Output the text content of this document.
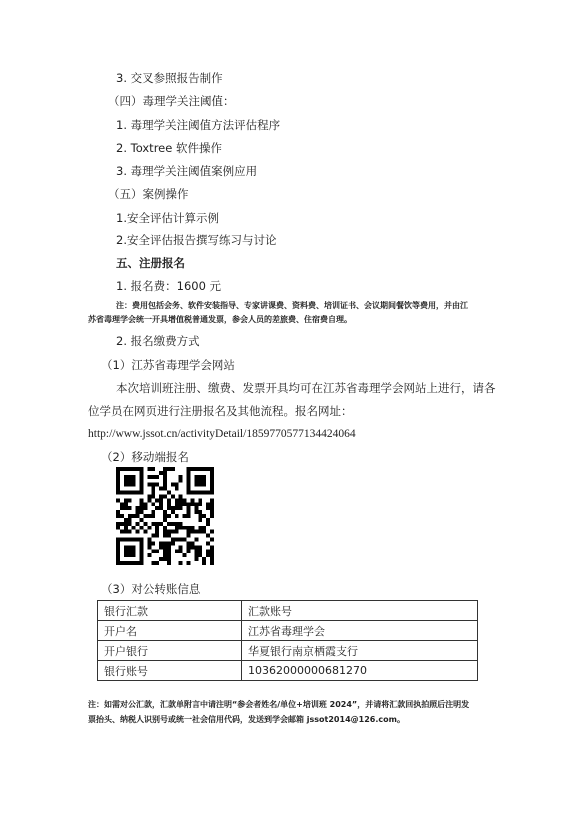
3. 交叉参照报告制作
（四）毒理学关注阈值：
1. 毒理学关注阈值方法评估程序
2. Toxtree 软件操作
3. 毒理学关注阈值案例应用
（五）案例操作
1.安全评估计算示例
2.安全评估报告撰写练习与讨论
五、注册报名
1. 报名费：1600 元
注：费用包括会务、软件安装指导、专家讲课费、资料费、培训证书、会议期间餐饮等费用，并由江
苏省毒理学会统一开具增值税普通发票，参会人员的差旅费、住宿费自理。
2. 报名缴费方式
（1）江苏省毒理学会网站
本次培训班注册、缴费、发票开具均可在江苏省毒理学会网站上进行，请各
位学员在网页进行注册报名及其他流程。报名网址：
http://www.jssot.cn/activityDetail/1859770577134424064
（2）移动端报名
（3）对公转账信息
银行汇款	汇款账号
开户名	江苏省毒理学会
开户银行	华夏银行南京栖霞支行
银行账号	10362000000681270
注：如需对公汇款，汇款单附言中请注明“参会者姓名/单位+培训班 2024”，并请将汇款回执拍照后注明发
票抬头、纳税人识别号或统一社会信用代码，发送到学会邮箱 jssot2014@126.com。
